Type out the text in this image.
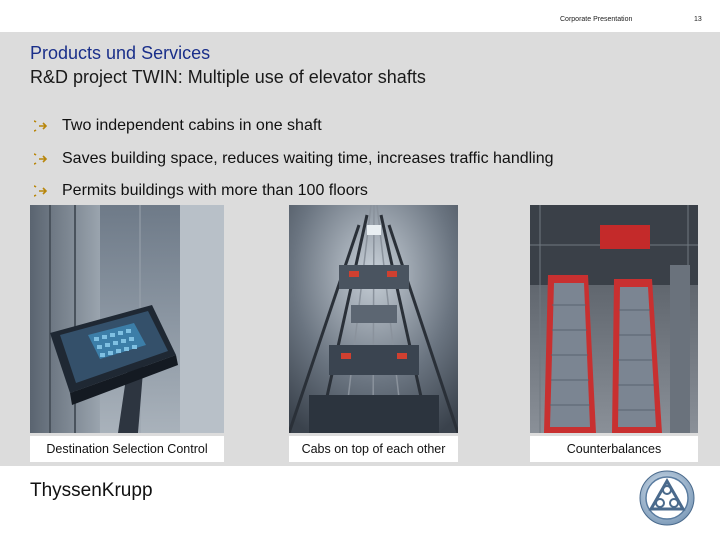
Corporate Presentation	13
Products und Services
R&D project TWIN: Multiple use of elevator shafts
Two independent cabins in one shaft
Saves building space, reduces waiting time, increases traffic handling
Permits buildings with more than 100 floors
Destination Selection Control	Cabs on top of each other	Counterbalances
ThyssenKrupp
